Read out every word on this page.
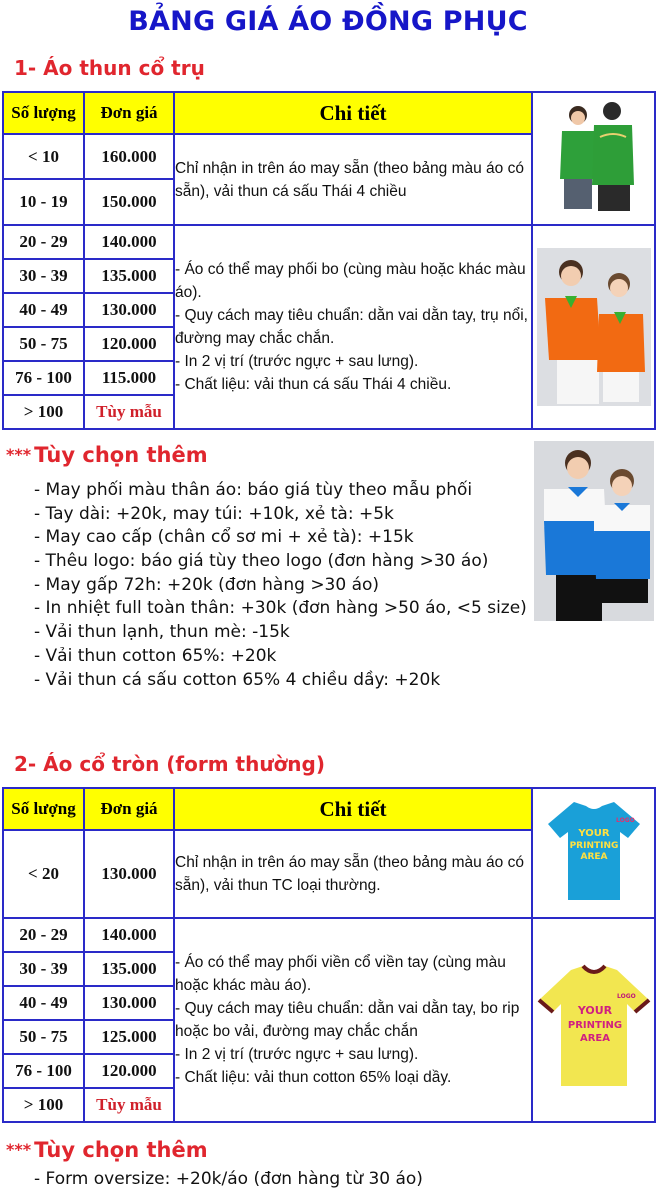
BẢNG GIÁ ÁO ĐỒNG PHỤC
1- Áo thun cổ trụ
Số lượng	Đơn giá	Chi tiết	
< 10	160.000	Chỉ nhận in trên áo may sẵn (theo bảng màu áo có sẵn), vải thun cá sấu Thái 4 chiều	

10 - 19	150.000		
20 - 29	140.000	- Áo có thể may phối bo (cùng màu hoặc khác màu áo).
- Quy cách may tiêu chuẩn: dằn vai dằn tay, trụ nổi, đường may chắc chắn.
- In 2 vị trí (trước ngực + sau lưng).
- Chất liệu: vải thun cá sấu Thái 4 chiều.

30 - 39	135.000		
40 - 49	130.000		
50 - 75	120.000		
76 - 100	115.000		
> 100	Tùy mẫu		
*** Tùy chọn thêm
- May phối màu thân áo: báo giá tùy theo mẫu phối
- Tay dài: +20k, may túi: +10k, xẻ tà: +5k
- May cao cấp (chân cổ sơ mi + xẻ tà): +15k
- Thêu logo: báo giá tùy theo logo (đơn hàng >30 áo)
- May gấp 72h: +20k (đơn hàng >30 áo)
- In nhiệt full toàn thân: +30k (đơn hàng >50 áo, <5 size)
- Vải thun lạnh, thun mè: -15k
- Vải thun cotton 65%: +20k
- Vải thun cá sấu cotton 65% 4 chiều dầy: +20k
2- Áo cổ tròn (form thường)
Số lượng	Đơn giá	Chi tiết	LOGO
YOUR
PRINTING
AREA

< 20	130.000	Chỉ nhận in trên áo may sẵn (theo bảng màu áo có sẵn), vải thun TC loại thường.	

20 - 29	140.000	
- Áo có thể may phối viền cổ viền tay (cùng màu hoặc khác màu áo).
- Quy cách may tiêu chuẩn: dằn vai dằn tay, bo rip hoặc bo vải, đường may chắc chắn
- In 2 vị trí (trước ngực + sau lưng).
- Chất liệu: vải thun cotton 65% loại dầy.

LOGO
YOUR
PRINTING
AREA

30 - 39	135.000		
40 - 49	130.000		
50 - 75	125.000		
76 - 100	120.000		
> 100	Tùy mẫu		
*** Tùy chọn thêm
- Form oversize: +20k/áo (đơn hàng từ 30 áo)
